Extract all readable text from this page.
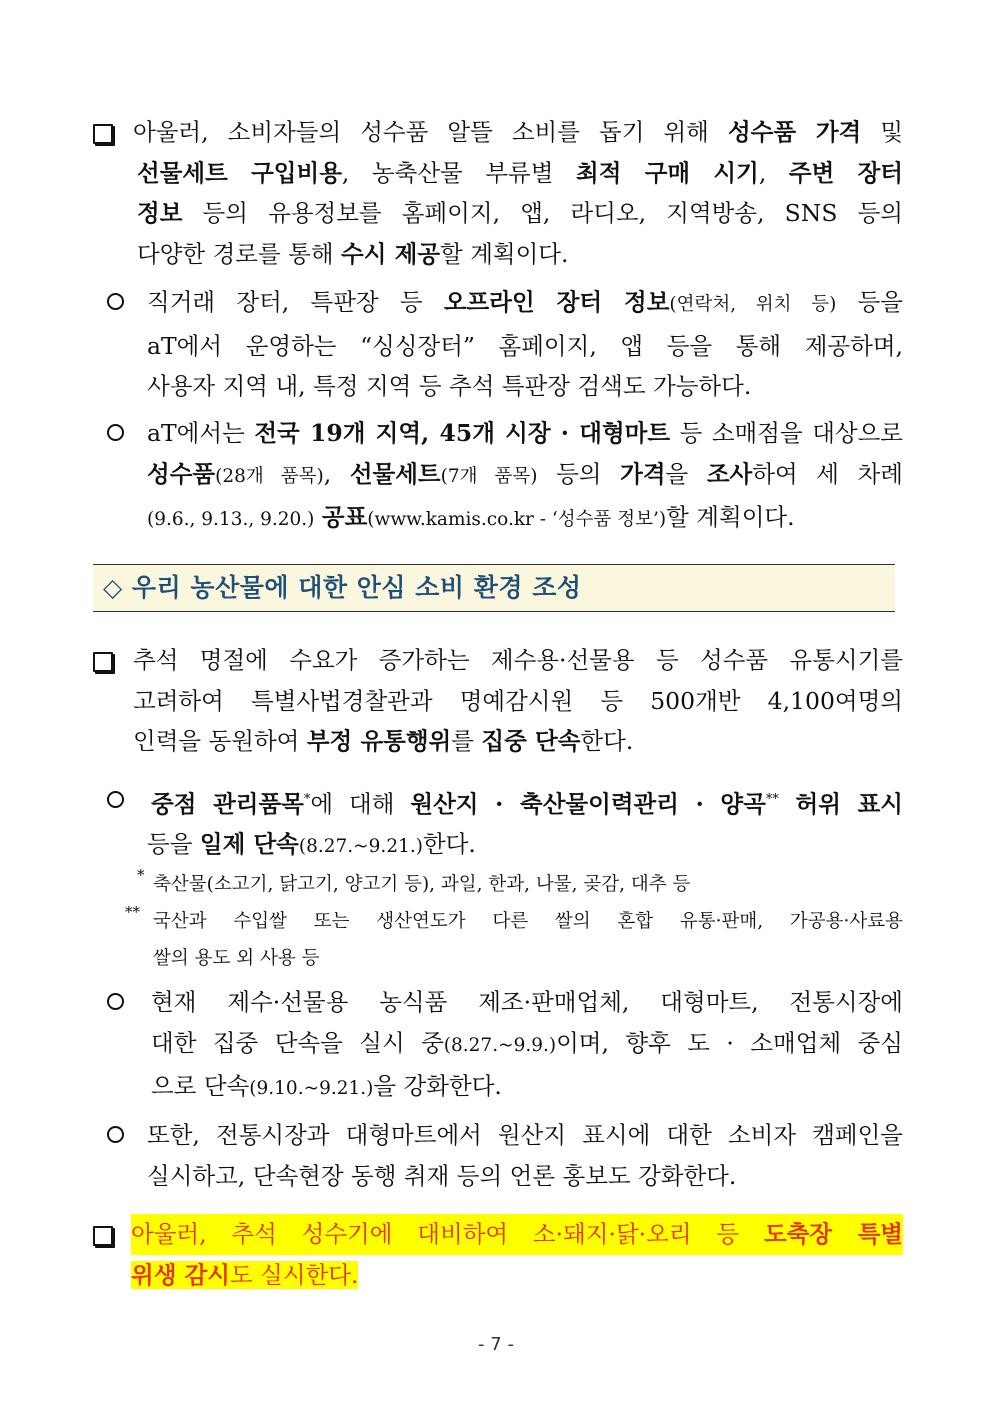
아울러, 소비자들의 성수품 알뜰 소비를 돕기 위해 성수품 가격 및
선물세트 구입비용, 농축산물 부류별 최적 구매 시기, 주변 장터
정보 등의 유용정보를 홈페이지, 앱, 라디오, 지역방송, SNS 등의
다양한 경로를 통해 수시 제공할 계획이다.
직거래 장터, 특판장 등 오프라인 장터 정보(연락처, 위치 등) 등을
aT에서 운영하는 “싱싱장터” 홈페이지, 앱 등을 통해 제공하며,
사용자 지역 내, 특정 지역 등 추석 특판장 검색도 가능하다.
aT에서는 전국 19개 지역, 45개 시장 · 대형마트 등 소매점을 대상으로
성수품(28개 품목), 선물세트(7개 품목) 등의 가격을 조사하여 세 차례
(9.6., 9.13., 9.20.) 공표(www.kamis.co.kr - ‘성수품 정보’)할 계획이다.
◇ 우리 농산물에 대한 안심 소비 환경 조성
추석 명절에 수요가 증가하는 제수용·선물용 등 성수품 유통시기를
고려하여 특별사법경찰관과 명예감시원 등 500개반 4,100여명의
인력을 동원하여 부정 유통행위를 집중 단속한다.
중점 관리품목*에 대해 원산지 · 축산물이력관리 · 양곡** 허위 표시
등을 일제 단속(8.27.~9.21.)한다.
* 축산물(소고기, 닭고기, 양고기 등), 과일, 한과, 나물, 곶감, 대추 등
** 국산과 수입쌀 또는 생산연도가 다른 쌀의 혼합 유통·판매, 가공용·사료용
쌀의 용도 외 사용 등
현재 제수·선물용 농식품 제조·판매업체, 대형마트, 전통시장에
대한 집중 단속을 실시 중(8.27.~9.9.)이며, 향후 도 · 소매업체 중심
으로 단속(9.10.~9.21.)을 강화한다.
또한, 전통시장과 대형마트에서 원산지 표시에 대한 소비자 캠페인을
실시하고, 단속현장 동행 취재 등의 언론 홍보도 강화한다.
아울러, 추석 성수기에 대비하여 소·돼지·닭·오리 등 도축장 특별
위생 감시도 실시한다.
- 7 -
